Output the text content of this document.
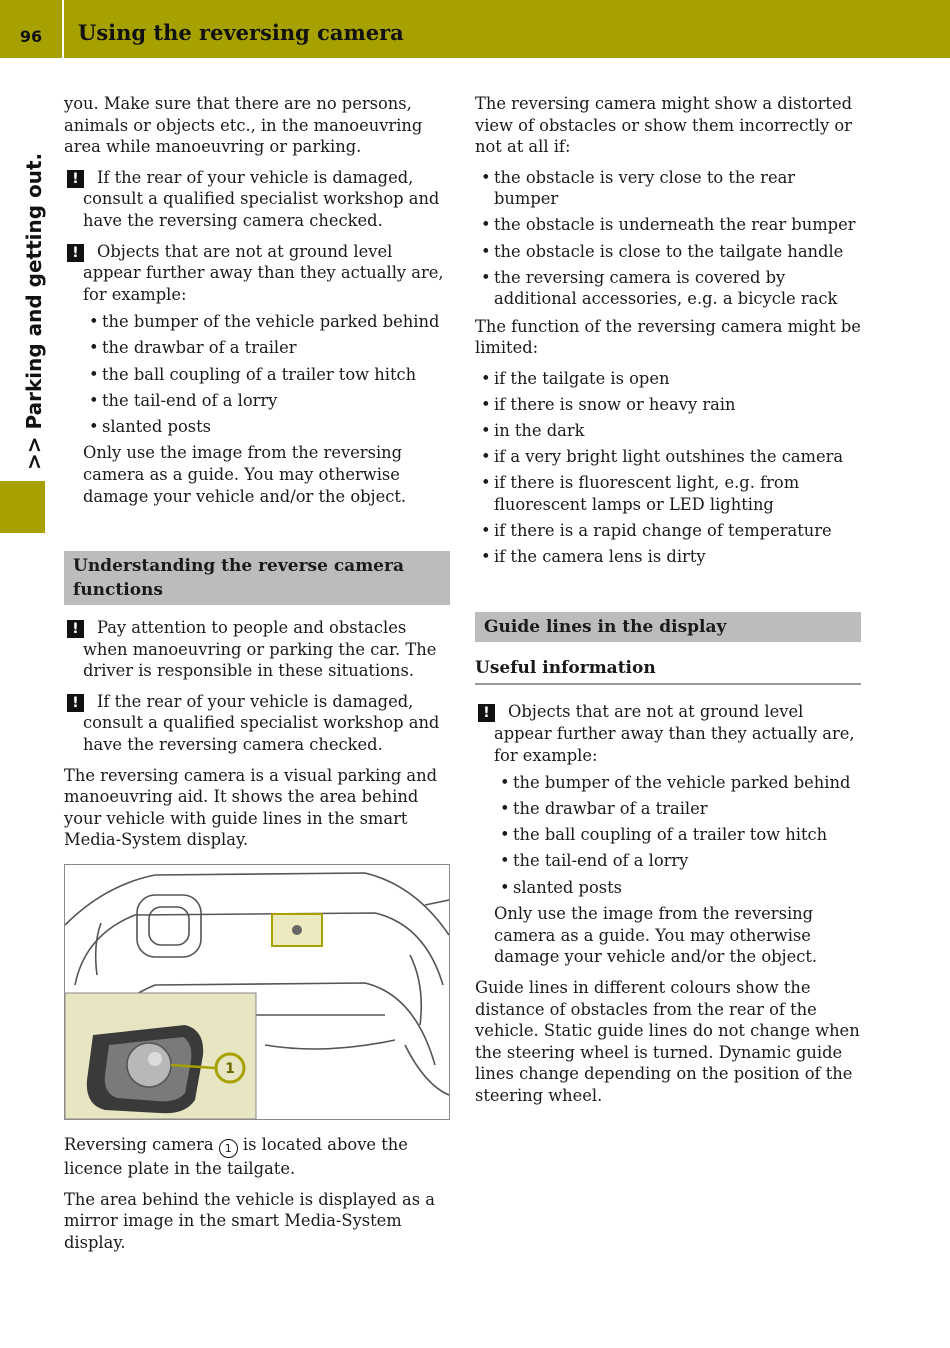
96	Using the reversing camera
>> Parking and getting out.

you. Make sure that there are no persons, animals or objects etc., in the manoeuvring area while manoeuvring or parking.

!	If the rear of your vehicle is damaged, consult a qualified specialist workshop and have the reversing camera checked.
!	Objects that are not at ground level appear further away than they actually are, for example:
• the bumper of the vehicle parked behind
• the drawbar of a trailer
• the ball coupling of a trailer tow hitch
• the tail-end of a lorry
• slanted posts
Only use the image from the reversing camera as a guide. You may otherwise damage your vehicle and/or the object.
Understanding the reverse camera functions
!	Pay attention to people and obstacles when manoeuvring or parking the car. The driver is responsible in these situations.
!	If the rear of your vehicle is damaged, consult a qualified specialist workshop and have the reversing camera checked.

The reversing camera is a visual parking and manoeuvring aid. It shows the area behind your vehicle with guide lines in the smart Media-System display.

1

Reversing camera 1 is located above the licence plate in the tailgate.

The area behind the vehicle is displayed as a mirror image in the smart Media-System display.

The reversing camera might show a distorted view of obstacles or show them incorrectly or not at all if:

• the obstacle is very close to the rear bumper
• the obstacle is underneath the rear bumper
• the obstacle is close to the tailgate handle
• the reversing camera is covered by additional accessories, e.g. a bicycle rack

The function of the reversing camera might be limited:

• if the tailgate is open
• if there is snow or heavy rain
• in the dark
• if a very bright light outshines the camera
• if there is fluorescent light, e.g. from fluorescent lamps or LED lighting
• if there is a rapid change of temperature
• if the camera lens is dirty
Guide lines in the display
Useful information
!	Objects that are not at ground level appear further away than they actually are, for example:
• the bumper of the vehicle parked behind
• the drawbar of a trailer
• the ball coupling of a trailer tow hitch
• the tail-end of a lorry
• slanted posts
Only use the image from the reversing camera as a guide. You may otherwise damage your vehicle and/or the object.

Guide lines in different colours show the distance of obstacles from the rear of the vehicle. Static guide lines do not change when the steering wheel is turned. Dynamic guide lines change depending on the position of the steering wheel.
